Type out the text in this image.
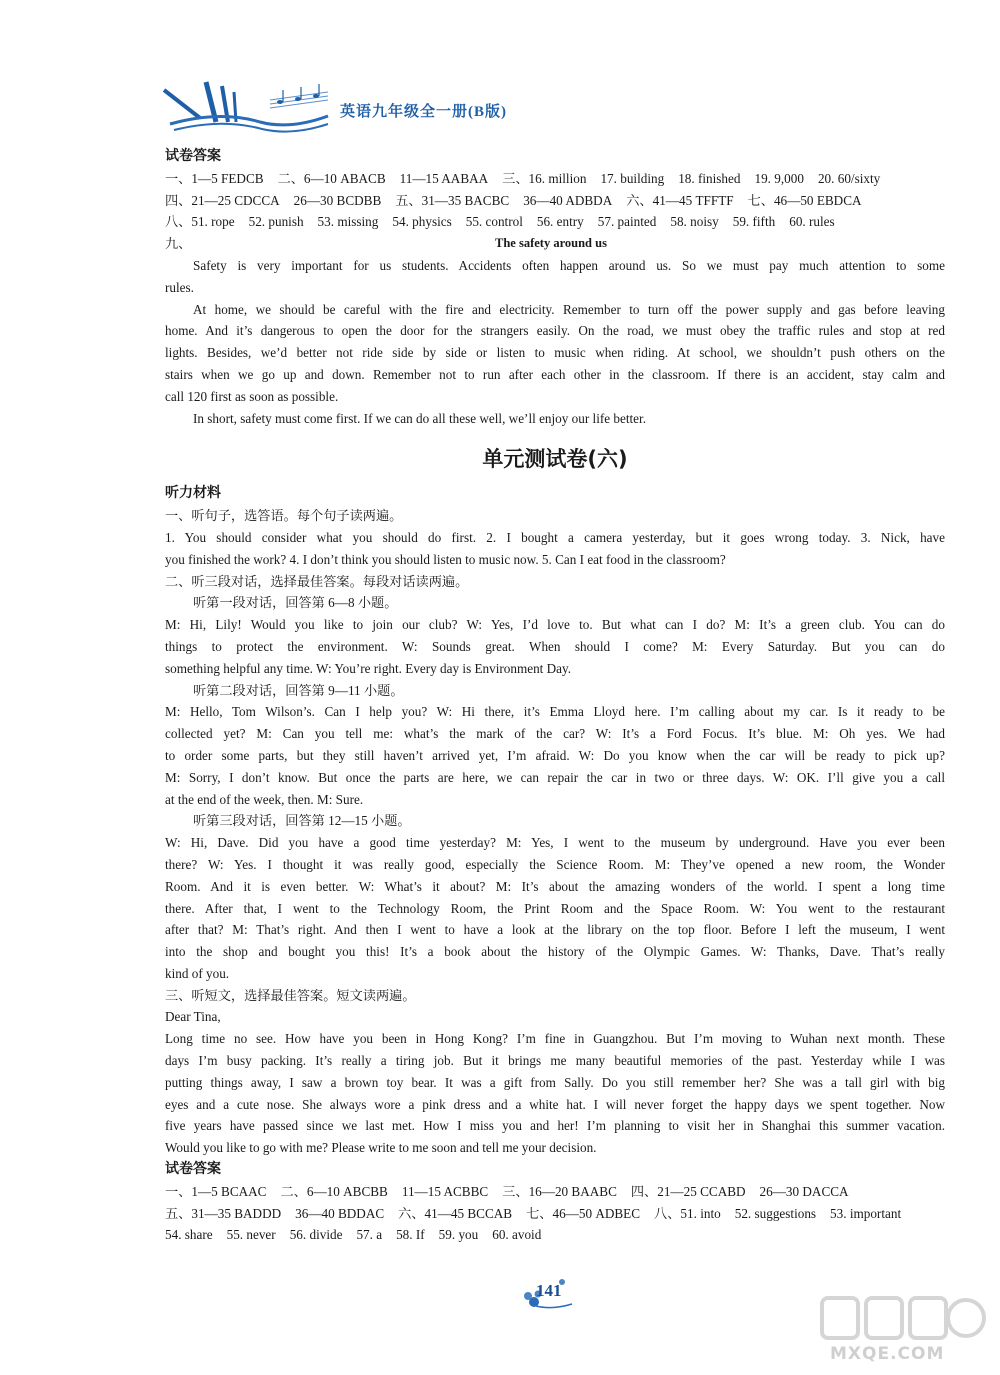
英语九年级全一册(B版)
试卷答案
一、1—5 FEDCB 二、6—10 ABACB 11—15 AABAA 三、16. million 17. building 18. finished 19. 9,000 20. 60/sixty
四、21—25 CDCCA 26—30 BCDBB 五、31—35 BACBC 36—40 ADBDA 六、41—45 TFFTF 七、46—50 EBDCA
八、51. rope 52. punish 53. missing 54. physics 55. control 56. entry 57. painted 58. noisy 59. fifth 60. rules
九、	The safety around us
Safety is very important for us students. Accidents often happen around us. So we must pay much attention to some
rules.
At home, we should be careful with the fire and electricity. Remember to turn off the power supply and gas before leaving
home. And it’s dangerous to open the door for the strangers easily. On the road, we must obey the traffic rules and stop at red
lights. Besides, we’d better not ride side by side or listen to music when riding. At school, we shouldn’t push others on the
stairs when we go up and down. Remember not to run after each other in the classroom. If there is an accident, stay calm and
call 120 first as soon as possible.
In short, safety must come first. If we can do all these well, we’ll enjoy our life better.
单元测试卷(六)
听力材料
一、听句子，选答语。每个句子读两遍。
1. You should consider what you should do first. 2. I bought a camera yesterday, but it goes wrong today. 3. Nick, have
you finished the work? 4. I don’t think you should listen to music now. 5. Can I eat food in the classroom?
二、听三段对话，选择最佳答案。每段对话读两遍。
听第一段对话，回答第 6—8 小题。
M: Hi, Lily! Would you like to join our club? W: Yes, I’d love to. But what can I do? M: It’s a green club. You can do
things to protect the environment. W: Sounds great. When should I come? M: Every Saturday. But you can do
something helpful any time. W: You’re right. Every day is Environment Day.
听第二段对话，回答第 9—11 小题。
M: Hello, Tom Wilson’s. Can I help you? W: Hi there, it’s Emma Lloyd here. I’m calling about my car. Is it ready to be
collected yet? M: Can you tell me: what’s the mark of the car? W: It’s a Ford Focus. It’s blue. M: Oh yes. We had
to order some parts, but they still haven’t arrived yet, I’m afraid. W: Do you know when the car will be ready to pick up?
M: Sorry, I don’t know. But once the parts are here, we can repair the car in two or three days. W: OK. I’ll give you a call
at the end of the week, then. M: Sure.
听第三段对话，回答第 12—15 小题。
W: Hi, Dave. Did you have a good time yesterday? M: Yes, I went to the museum by underground. Have you ever been
there? W: Yes. I thought it was really good, especially the Science Room. M: They’ve opened a new room, the Wonder
Room. And it is even better. W: What’s it about? M: It’s about the amazing wonders of the world. I spent a long time
there. After that, I went to the Technology Room, the Print Room and the Space Room. W: You went to the restaurant
after that? M: That’s right. And then I went to have a look at the library on the top floor. Before I left the museum, I went
into the shop and bought you this! It’s a book about the history of the Olympic Games. W: Thanks, Dave. That’s really
kind of you.
三、听短文，选择最佳答案。短文读两遍。
Dear Tina,
Long time no see. How have you been in Hong Kong? I’m fine in Guangzhou. But I’m moving to Wuhan next month. These
days I’m busy packing. It’s really a tiring job. But it brings me many beautiful memories of the past. Yesterday while I was
putting things away, I saw a brown toy bear. It was a gift from Sally. Do you still remember her? She was a tall girl with big
eyes and a cute nose. She always wore a pink dress and a white hat. I will never forget the happy days we spent together. Now
five years have passed since we last met. How I miss you and her! I’m planning to visit her in Shanghai this summer vacation.
Would you like to go with me? Please write to me soon and tell me your decision.
试卷答案
一、1—5 BCAAC 二、6—10 ABCBB 11—15 ACBBC 三、16—20 BAABC 四、21—25 CCABD 26—30 DACCA
五、31—35 BADDD 36—40 BDDAC 六、41—45 BCCAB 七、46—50 ADBEC 八、51. into 52. suggestions 53. important
54. share 55. never 56. divide 57. a 58. If 59. you 60. avoid
141
MXQE.COM
